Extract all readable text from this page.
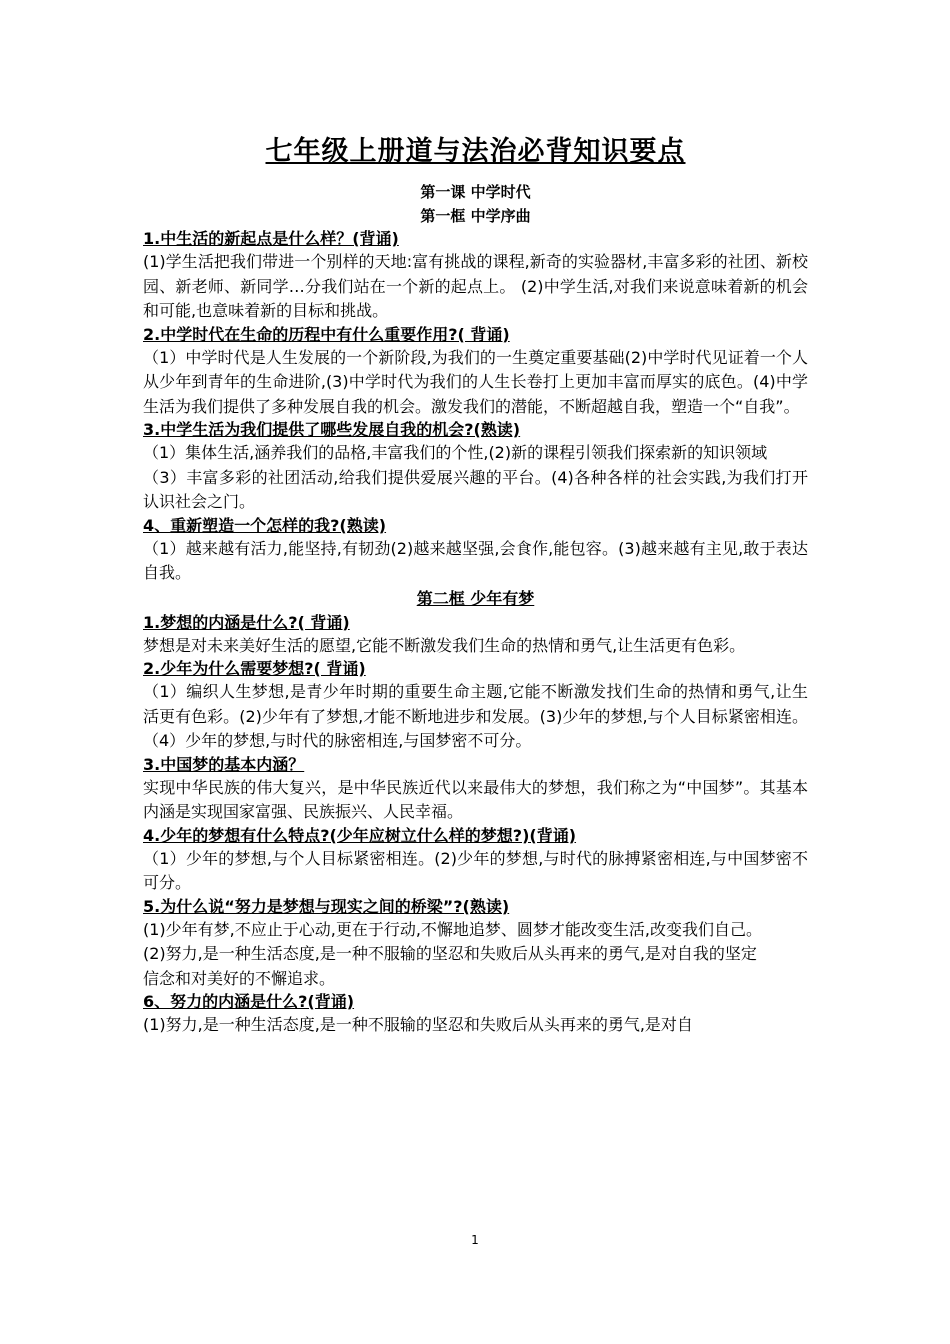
七年级上册道与法治必背知识要点
第一课 中学时代
第一框 中学序曲
1.中生活的新起点是什么样？(背诵)
(1)学生活把我们带进一个别样的天地:富有挑战的课程,新奇的实验器材,丰富多彩的社团、新校园、新老师、新同学…分我们站在一个新的起点上。 (2)中学生活,对我们来说意味着新的机会和可能,也意味着新的目标和挑战。
2.中学时代在生命的历程中有什么重要作用?( 背诵)
（1）中学时代是人生发展的一个新阶段,为我们的一生奠定重要基础(2)中学时代见证着一个人从少年到青年的生命进阶,(3)中学时代为我们的人生长卷打上更加丰富而厚实的底色。(4)中学生活为我们提供了多种发展自我的机会。激发我们的潜能，不断超越自我，塑造一个“自我”。
3.中学生活为我们提供了哪些发展自我的机会?(熟读)
（1）集体生活,涵养我们的品格,丰富我们的个性,(2)新的课程引领我们探索新的知识领域
（3）丰富多彩的社团活动,给我们提供爱展兴趣的平台。(4)各种各样的社会实践,为我们打开认识社会之门。
4、重新塑造一个怎样的我?(熟读)
（1）越来越有活力,能坚持,有韧劲(2)越来越坚强,会食作,能包容。(3)越来越有主见,敢于表达自我。
第二框 少年有梦
1.梦想的内涵是什么?( 背诵)
梦想是对未来美好生活的愿望,它能不断激发我们生命的热情和勇气,让生活更有色彩。
2.少年为什么需要梦想?( 背诵)
（1）编织人生梦想,是青少年时期的重要生命主题,它能不断激发找们生命的热情和勇气,让生活更有色彩。(2)少年有了梦想,才能不断地进步和发展。(3)少年的梦想,与个人目标紧密相连。（4）少年的梦想,与时代的脉密相连,与国梦密不可分。
3.中国梦的基本内涵？
实现中华民族的伟大复兴，是中华民族近代以来最伟大的梦想，我们称之为“中国梦”。其基本内涵是实现国家富强、民族振兴、人民幸福。
4.少年的梦想有什么特点?(少年应树立什么样的梦想?)(背诵)
（1）少年的梦想,与个人目标紧密相连。(2)少年的梦想,与时代的脉搏紧密相连,与中国梦密不可分。
5.为什么说“努力是梦想与现实之间的桥梁”?(熟读)
(1)少年有梦,不应止于心动,更在于行动,不懈地追梦、圆梦才能改变生活,改变我们自己。
(2)努力,是一种生活态度,是一种不服输的坚忍和失败后从头再来的勇气,是对自我的坚定
信念和对美好的不懈追求。
6、努力的内涵是什么?(背诵)
(1)努力,是一种生活态度,是一种不服输的坚忍和失败后从头再来的勇气,是对自
1
